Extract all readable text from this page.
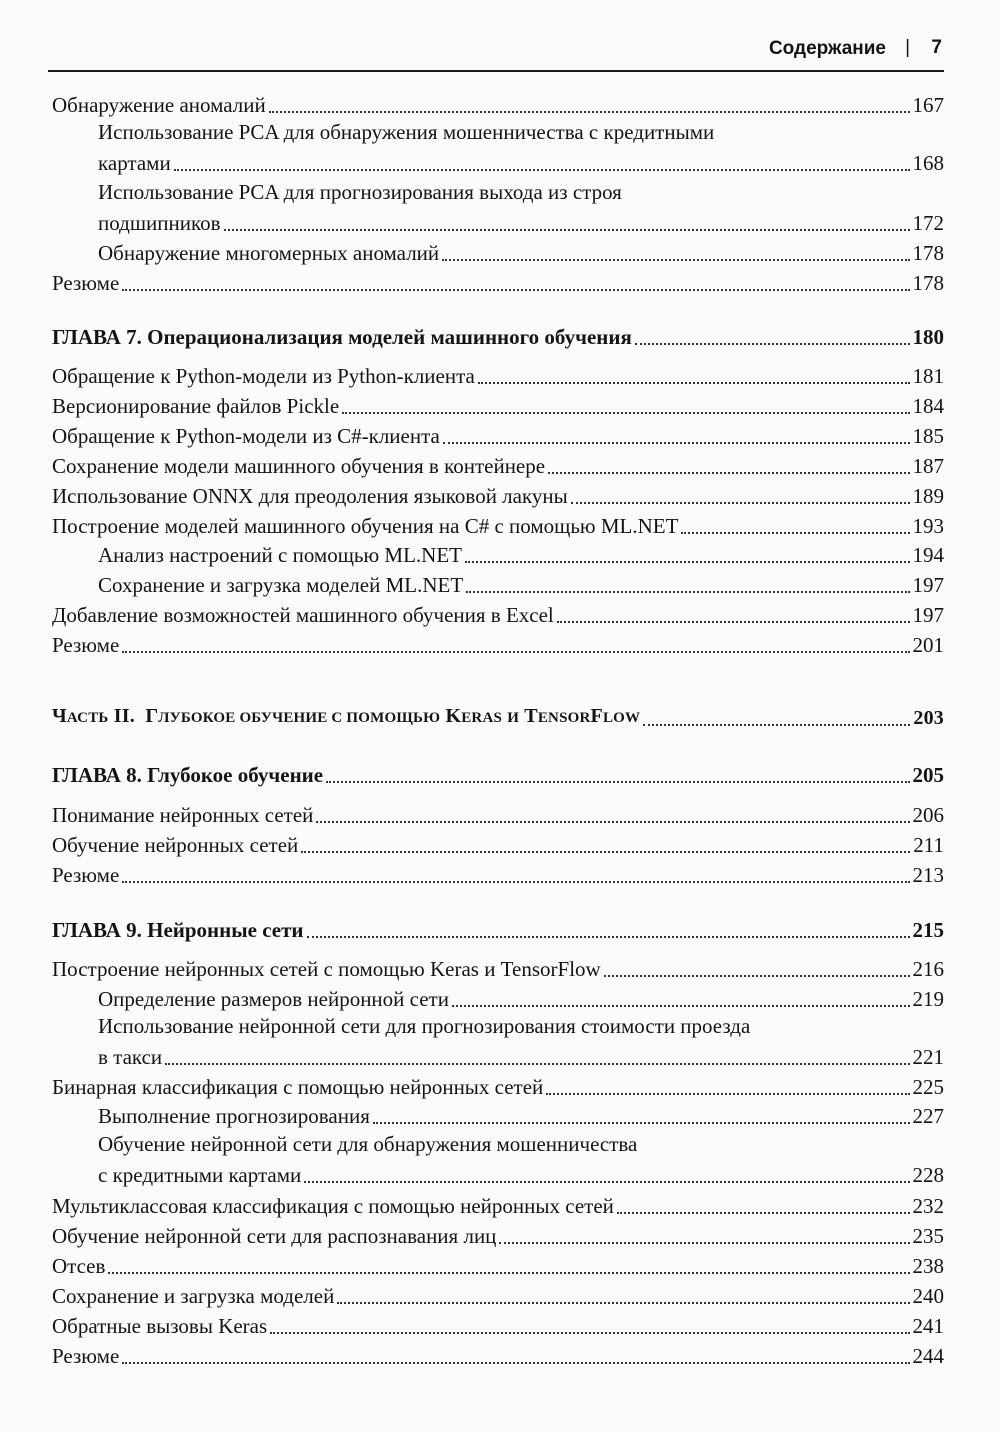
Содержание | 7
Обнаружение аномалий	167
Использование PCA для обнаружения мошенничества с кредитными
картами	168
Использование PCA для прогнозирования выхода из строя
подшипников	172
Обнаружение многомерных аномалий	178
Резюме	178
ГЛАВА 7. Операционализация моделей машинного обучения	180
Обращение к Python-модели из Python-клиента	181
Версионирование файлов Pickle	184
Обращение к Python-модели из C#-клиента	185
Сохранение модели машинного обучения в контейнере	187
Использование ONNX для преодоления языковой лакуны	189
Построение моделей машинного обучения на C# с помощью ML.NET	193
Анализ настроений с помощью ML.NET	194
Сохранение и загрузка моделей ML.NET	197
Добавление возможностей машинного обучения в Excel	197
Резюме	201
ЧАСТЬ II. ГЛУБОКОЕ ОБУЧЕНИЕ С ПОМОЩЬЮ KERAS И TENSORFLOW	203
ГЛАВА 8. Глубокое обучение	205
Понимание нейронных сетей	206
Обучение нейронных сетей	211
Резюме	213
ГЛАВА 9. Нейронные сети	215
Построение нейронных сетей с помощью Keras и TensorFlow	216
Определение размеров нейронной сети	219
Использование нейронной сети для прогнозирования стоимости проезда
в такси	221
Бинарная классификация с помощью нейронных сетей	225
Выполнение прогнозирования	227
Обучение нейронной сети для обнаружения мошенничества
с кредитными картами	228
Мультиклассовая классификация с помощью нейронных сетей	232
Обучение нейронной сети для распознавания лиц	235
Отсев	238
Сохранение и загрузка моделей	240
Обратные вызовы Keras	241
Резюме	244
